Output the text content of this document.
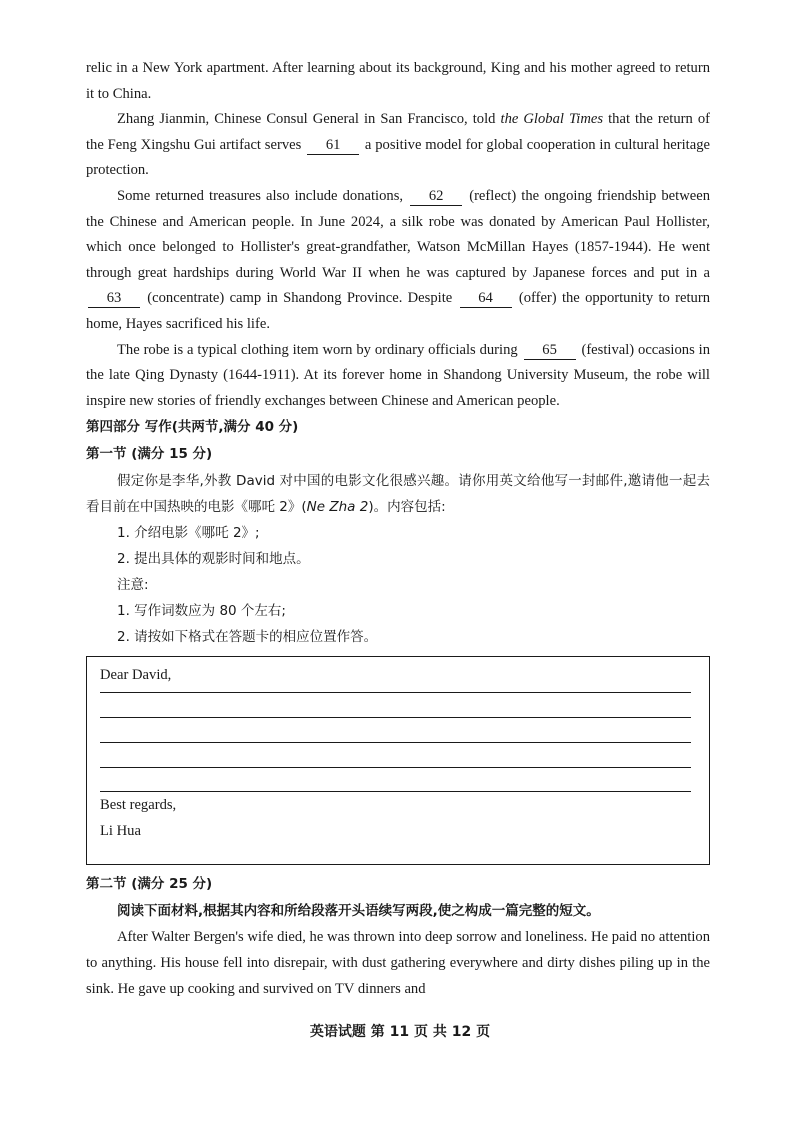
relic in a New York apartment. After learning about its background, King and his mother agreed to return it to China.

Zhang Jianmin, Chinese Consul General in San Francisco, told the Global Times that the return of the Feng Xingshu Gui artifact serves 61 a positive model for global cooperation in cultural heritage protection.

Some returned treasures also include donations, 62 (reflect) the ongoing friendship between the Chinese and American people. In June 2024, a silk robe was donated by American Paul Hollister, which once belonged to Hollister's great-grandfather, Watson McMillan Hayes (1857-1944). He went through great hardships during World War II when he was captured by Japanese forces and put in a 63 (concentrate) camp in Shandong Province. Despite 64 (offer) the opportunity to return home, Hayes sacrificed his life.

The robe is a typical clothing item worn by ordinary officials during 65 (festival) occasions in the late Qing Dynasty (1644-1911). At its forever home in Shandong University Museum, the robe will inspire new stories of friendly exchanges between Chinese and American people.

第四部分 写作(共两节,满分 40 分)
第一节 (满分 15 分)

假定你是李华,外教 David 对中国的电影文化很感兴趣。请你用英文给他写一封邮件,邀请他一起去看目前在中国热映的电影《哪吒 2》(Ne Zha 2)。内容包括:

1. 介绍电影《哪吒 2》;
2. 提出具体的观影时间和地点。
注意:
1. 写作词数应为 80 个左右;
2. 请按如下格式在答题卡的相应位置作答。
Dear David,
Best regards,
Li Hua
第二节 (满分 25 分)

阅读下面材料,根据其内容和所给段落开头语续写两段,使之构成一篇完整的短文。

After Walter Bergen's wife died, he was thrown into deep sorrow and loneliness. He paid no attention to anything. His house fell into disrepair, with dust gathering everywhere and dirty dishes piling up in the sink. He gave up cooking and survived on TV dinners and

英语试题 第 11 页 共 12 页
